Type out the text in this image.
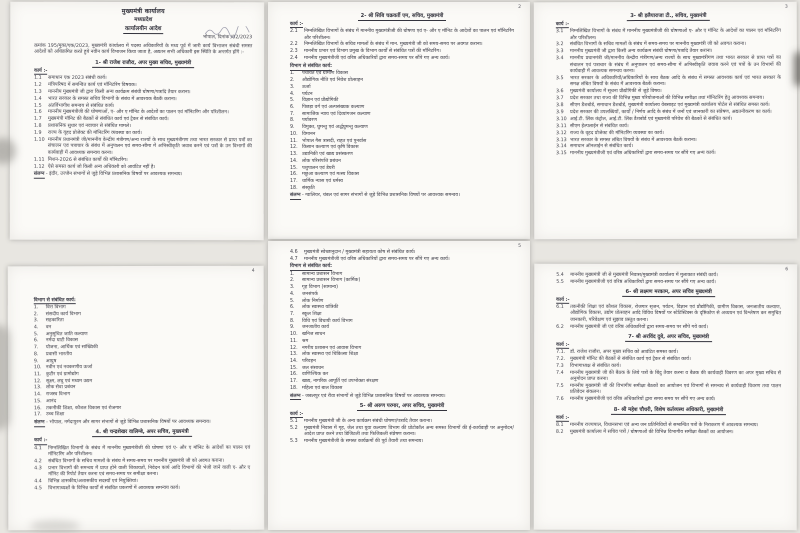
मुख्यमंत्री कार्यालय
मध्यप्रदेश
कार्यालयीन आदेश
भोपाल, दिनांक /02/2023
क्रमांक 195/मुका/एक/2023, मुख्यमंत्री कार्यालय में पदस्थ अधिकारियों के मध्य पूर्व में जारी कार्य विभाजन संबंधी समस्त आदेशों को अधिक्रमित करते हुये नवीन कार्य विभाजन किया जाता है, अद्यतन सभी अधिकारी इस स्थिति के अन्तर्गत होंगे :-
1- श्री राजेश राजौरा, अपर मुख्य सचिव, मुख्यमंत्री
कार्य :-
1.1	समाधान एक 2023 संबंधी कार्य।
1.2	मंत्रिपरिषद में समन्वित कार्य एवं मॉनिटरिंग विषयक।
1.3	माननीय मुख्यमंत्री जी द्वारा किसी अन्य कार्यक्रम संबंधी घोषणा/पत्रादि तैयार कराना।
1.4	भारत सरकार के समस्त सचिव विभागों के संबंध में आवश्यक बैठकें कराना।
1.5	अंतर्विभागीय समन्वय से संबंधित कार्य।
1.6	माननीय मुख्यमंत्रीजी की घोषणाओं, ए- और ए मॉनिट के आदेशों का पालन एवं मॉनिटरिंग और परिशीलन।
1.7	मुख्यमंत्री मॉनिट की बैठकों से संबंधित कार्य एवं ट्रैकर से संबंधित कार्य।
1.8	प्रशासनिक सुधार एवं नवाचार से संबंधित मामले।
1.9	राज्य के वृहद प्रोजेक्ट की मॉनिटरिंग व्यवस्था का कार्य।
1.10 माननीय प्रधानमंत्री जी/माननीय केन्द्रीय मंत्रीगण/अन्य राज्यों के साथ मुख्यमंत्रीगण तथा भारत सरकार से प्राप्त पत्रों का संचालन एवं पत्राचार के संबंध में अनुपालन एवं समय-सीमा में अभिस्वीकृति जवाब करने एवं पत्रों के उन विभागों की कार्यवाही में आवश्यक समन्वय करना।
1.11 मिशन-2026 से संबंधित कार्यों की मॉनिटरिंग।
1.12 ऐसे समस्त कार्य जो किसी अन्य अधिकारी को आवंटित नहीं है।
संलग्न - इंदौर, उज्जैन संभागों से जुड़े विभिन्न प्रशासनिक विषयों पर आवश्यक समन्वय।
2
2- श्री सिबि चक्रवर्ती एम, सचिव, मुख्यमंत्री
कार्य :-
2.1	निम्नलिखित विभागों के संबंध में माननीय मुख्यमंत्रीजी की घोषणा एवं ए- और ए मॉनिट के आदेशों का पालन एवं मॉनिटरिंग और परिशीलन।
2.2	निम्नलिखित विभागों के सचिव मामलों के संबंध में मान. मुख्यमंत्री जी को समय-समय पर अवगत कराना।
2.3	माननीय प्रभार एवं विभाग प्रमुख के विभाग कार्यों से संबंधित पत्रों की मॉनिटरिंग।
2.4	माननीय मुख्यमंत्रीजी एवं वरिष्ठ अधिकारियों द्वारा समय-समय पर सौंपे गए अन्य कार्य।
विभाग से संबंधित कार्य:
1.	पंचायत एवं ग्रामीण विकास
2.	औद्योगिक नीति एवं निवेश प्रोत्साहन
3.	ऊर्जा
4.	पर्यटन
5.	विज्ञान एवं प्रौद्योगिकी
6.	पिछड़ा वर्ग एवं अल्पसंख्यक कल्याण
7.	सामाजिक न्याय एवं दिव्यांगजन कल्याण
8.	पर्यावरण
9.	विमुक्त, घुमन्तु एवं अर्द्धघुमन्तु कल्याण
10. विमानन
11. भोपाल गैस त्रासदी, राहत एवं पुनर्वास
12. किसान कल्याण एवं कृषि विकास
13. उद्यानिकी एवं खाद्य प्रसंस्करण
14. लोक परिसंपत्ति प्रबंधन
15. पशुपालन एवं डेयरी
16. मछुआ कल्याण एवं मत्स्य विकास
17. धार्मिक न्यास एवं धर्मस्व
18. संस्कृति
संलग्न - ग्वालियर, चंबल एवं सागर संभागों से जुड़े विभिन्न प्रशासनिक विषयों पर आवश्यक समन्वय।
3
3- श्री इलैयाराजा टी., सचिव, मुख्यमंत्री
कार्य :-
3.1	निम्नलिखित विभागों के संबंध में माननीय मुख्यमंत्रीजी की घोषणाओं ए- और ए मॉनिट के आदेशों का पालन एवं मॉनिटरिंग और परिशीलन।
3.2	संबंधित विभागों के सचिव मामलों के संबंध में समय-समय पर माननीय मुख्यमंत्री जी को अवगत कराना।
3.3	माननीय मुख्यमंत्री जी द्वारा किसी अन्य कार्यक्रम संबंधी घोषणा/पत्रादि तैयार कराना।
3.4	माननीय प्रधानमंत्री जी/माननीय केन्द्रीय मंत्रीगण/अन्य राज्यों के साथ मुख्यमंत्रीगण तथा भारत सरकार से प्राप्त पत्रों का संचालन एवं पत्राचार के संबंध में अनुपालन एवं समय-सीमा में अभिस्वीकृति जवाब करने एवं पत्रों के उन विभागों की कार्यवाही में आवश्यक समन्वय करना।
3.5	भारत सरकार के अधिकारियों/अधिकारियों के साथ बैठक आदि के संबंध में समस्त आवश्यक कार्य एवं भारत सरकार के समक्ष लंबित विषयों के संबंध में आवश्यक बैठकें कराना।
3.6	मुख्यमंत्री कार्यालय में सूचना प्रौद्योगिकी से जुड़े विषय।
3.7	प्रदेश सरकार तथा राज्य की विभिन्न मुख्य परियोजनाओं की विभिन्न समीक्षा तथा मॉनिटरिंग हेतु आवश्यक समन्वय।
3.8	सीएम डैशबोर्ड, समाधान डैशबोर्ड, मुख्यमंत्री कार्यालय वेबसाइट एवं मुख्यमंत्री कार्यालय पोर्टल से संबंधित समस्त कार्य।
3.9	प्रदेश सरकार की उपलब्धियों, कार्यों / निर्णय आदि के संबंध में जनों एवं जानकारी का संप्रेषण, अद्यतनीकरण का कार्य।
3.10 आई.टी. लिंक कंट्रोल, आई.टी. लिंक डैशबोर्ड एवं मुख्यमंत्री परिवेश की बैठकों से संबंधित कार्य।
3.11 सीएम हेल्पलाईन से संबंधित कार्य।
3.12 राज्य के वृहद प्रोजेक्ट की मॉनिटरिंग व्यवस्था का कार्य।
3.13 भारत सरकार के समस्त लंबित विषयों के संबंध में आवश्यक बैठकें कराना।
3.14 समाधान ऑनलाईन से संबंधित कार्य।
3.15 माननीय मुख्यमंत्रीजी एवं वरिष्ठ अधिकारियों द्वारा समय-समय पर सौंपे गए अन्य कार्य।
4
विभाग से संबंधित कार्य:
1.	वित्त विभाग
2.	संसदीय कार्य विभाग
3.	सहकारिता
4.	वन
5.	अनुसूचित जाति कल्याण
6.	नर्मदा घाटी विकास
7.	योजना, आर्थिक एवं सांख्यिकी
8.	प्रवासी भारतीय
9.	आयुष
10. नवीन एवं नवकरणीय ऊर्जा
11. कुटीर एवं ग्रामोद्योग
12. सूक्ष्म, लघु एवं मध्यम उद्यम
13. लोक सेवा प्रबंधन
14. राजस्व विभाग
15. आनंद
16. तकनीकी शिक्षा, कौशल विकास एवं रोजगार
17. उच्च शिक्षा
संलग्न - भोपाल, नर्मदापुरम और सागर संभागों से जुड़े विभिन्न प्रशासनिक विषयों पर आवश्यक समन्वय।
4. श्री चन्द्रशेखर वालिम्बे, अपर सचिव, मुख्यमंत्री
कार्य :-
4.1	निम्नलिखित विभागों के संबंध में माननीय मुख्यमंत्रीजी की घोषणा एवं ए- और ए मॉनिट के आदेशों का पालन एवं मॉनिटरिंग और परिशीलन।
4.2	संबंधित विभागों के सचिव मामलों के संबंध में समय-समय पर माननीय मुख्यमंत्री जी को अवगत कराना।
4.3	प्रभार विभागों की समन्वय में प्राप्त होने वाली शिकायतों, निवेदन कार्य आदि विभागों की भेजी जाने वाली ए- और ए मॉनिट की रिपोर्ट तैयार करना एवं समय-समय पर समीक्षा करना।
4.4	विभिन्न शासकीय/अशासकीय सदस्यों एवं नियुक्तियां।
4.5	विभागाध्यक्षों के विभिन्न कार्यों से संबंधित प्रकरणों में आवश्यक समन्वय कार्य।
5
4.6	मुख्यमंत्री स्वेच्छानुदान / मुख्यमंत्री सहायता कोष से संबंधित कार्य।
4.7	माननीय मुख्यमंत्रीजी एवं वरिष्ठ अधिकारियों द्वारा समय-समय पर सौंपे गए अन्य कार्य।
विभाग से संबंधित कार्य:
1.	सामान्य प्रशासन विभाग
2.	सामान्य प्रशासन विभाग (कार्मिक)
3.	गृह विभाग (सामान्य)
4.	जनसंपर्क
5.	लोक निर्माण
6.	लोक स्वास्थ्य यांत्रिकी
7.	स्कूल शिक्षा
8.	विधि एवं विधायी कार्य विभाग
9.	जनजातीय कार्य
10. खनिज साधन
11. श्रम
12. नगरीय प्रशासन एवं आवास विभाग
13. लोक स्वास्थ्य एवं चिकित्सा शिक्षा
14. परिवहन
15. जल संसाधन
16. वाणिज्यिक कर
17. खाद्य, नागरिक आपूर्ति एवं उपभोक्ता संरक्षण
18. महिला एवं बाल विकास
संलग्न - जबलपुर एवं रीवा संभागों से जुड़े विभिन्न प्रशासनिक विषयों पर आवश्यक समन्वय।
5- श्री अरुण परमार, अपर सचिव, मुख्यमंत्री
कार्य :-
5.1	माननीय मुख्यमंत्री जी के अन्य कार्यक्रम संबंधी घोषणा/पत्रादि तैयार कराना।
5.2	मुख्यमंत्री निवास में गृह, जेल तथा युवा कल्याण विभाग की प्रोटोकॉल अन्य समस्त विभागों की ई-कार्यवाही पर अनुमोदन/आदेश प्राप्त करने तथा डिजिटली तथा फिजिकली संप्रेषण कराना।
5.3	माननीय मुख्यमंत्रीजी के समस्त कार्यक्रमों की पूर्व तैयारी तथा समन्वय।
6
5.4	माननीय मुख्यमंत्री जी से मुख्यमंत्री निवास/मुख्यमंत्री कार्यालय में मुलाकात संबंधी कार्य।
5.5	माननीय मुख्यमंत्रीजी एवं वरिष्ठ अधिकारियों द्वारा समय-समय पर सौंपे गए अन्य कार्य।
6- श्री लक्ष्मण मरकाम, अपर सचिव मुख्यमंत्री
कार्य :-
6.1	तकनीकी शिक्षा एवं कौशल विकास, रोजगार सृजन, पर्यटन, विज्ञान एवं प्रौद्योगिकी, ग्रामीण विकास, जनजातीय कल्याण, औद्योगिक विकास, उद्योग प्रोत्साहन आदि विविध विषयों पर स्टेटिस्टिक्स के दृष्टिकोण से अध्ययन एवं विश्लेषण कर समुचित जानकारी, परिवेक्षण एवं सुझाव प्रस्तुत करना।
6.2	माननीय मुख्यमंत्री जी एवं वरिष्ठ अधिकारियों द्वारा समय-समय पर सौंपे गये कार्य।
7- श्री अरविंद दुबे, अपर सचिव, मुख्यमंत्री
कार्य :-
7.1.	डॉ. राजेश राजौरा, अपर मुख्य सचिव को आवंटित समस्त कार्य।
7.2.	मुख्यमंत्री मॉनिट की बैठकों से संबंधित कार्य एवं ट्रैकर से संबंधित कार्य।
7.3	विभागाध्यक्ष से संबंधित कार्य।
7.4	माननीय मुख्यमंत्री जी की बैठक के लिये पत्रों के बिंदु तैयार करना व बैठक की कार्यवाही विवरण का अपर मुख्य सचिव से अनुमोदन प्राप्त करना।
7.5	माननीय मुख्यमंत्री जी की विभागीय समीक्षा बैठकों का आयोजन एवं विभागों से समन्वय से कार्यवाही विवरण तथा पालन प्रतिवेदन संकलन।
7.6	माननीय मुख्यमंत्रीजी एवं वरिष्ठ अधिकारियों द्वारा समय समय पर सौंपे गए अन्य कार्य।
8- श्री महेश चौधरी, विशेष कर्तव्यस्थ अधिकारी, मुख्यमंत्री
कार्य :-
8.1	माननीय राज्यपाल, विधानसभा एवं अन्य जन प्रतिनिधियों से सम्बन्धित पत्रों के निराकरण में आवश्यक समन्वय।
8.2	मुख्यमंत्री कार्यालय में सचिव पत्रों / घोषणाओं की विभिन्न विभागीय समीक्षा बैठकों का आयोजन।
